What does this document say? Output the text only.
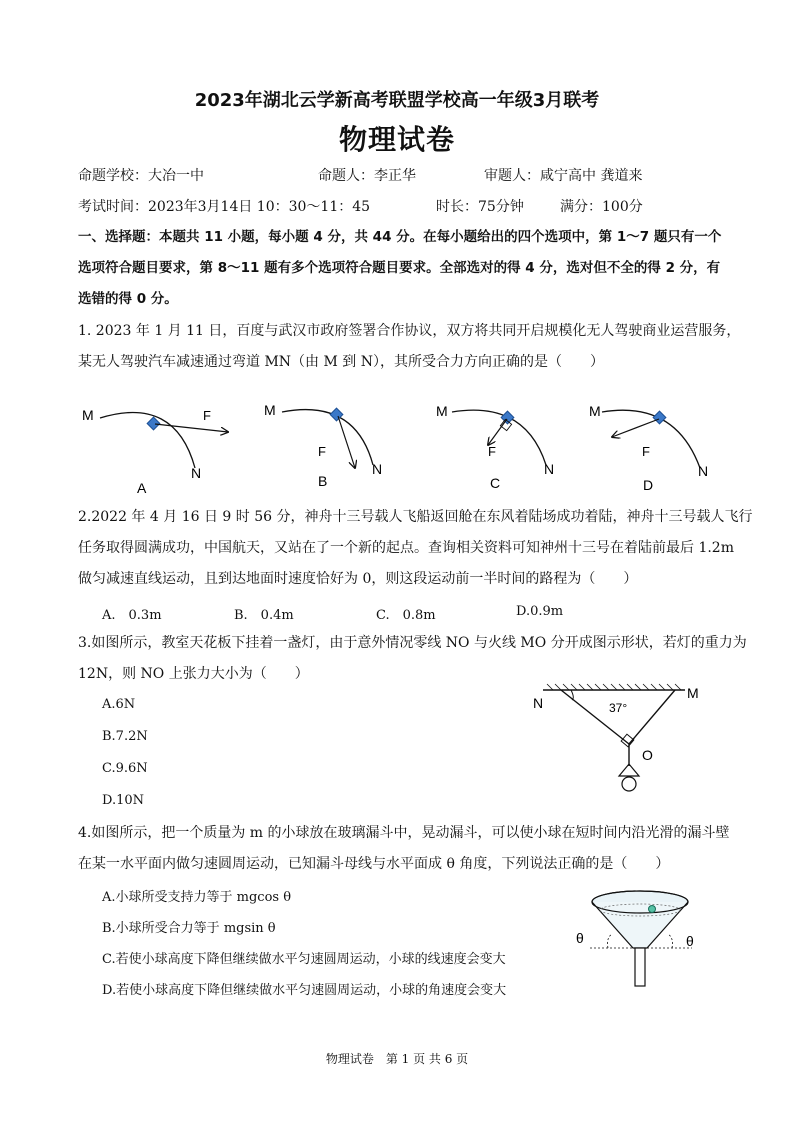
2023年湖北云学新高考联盟学校高一年级3月联考
物理试卷
命题学校：大冶一中	命题人：李正华	审题人：咸宁高中 龚道来
考试时间：2023年3月14日 10：30～11：45	时长：75分钟	满分：100分
一、选择题：本题共 11 小题，每小题 4 分，共 44 分。在每小题给出的四个选项中，第 1～7 题只有一个
选项符合题目要求，第 8～11 题有多个选项符合题目要求。全部选对的得 4 分，选对但不全的得 2 分，有
选错的得 0 分。
1. 2023 年 1 月 11 日，百度与武汉市政府签署合作协议，双方将共同开启规模化无人驾驶商业运营服务，
某无人驾驶汽车减速通过弯道 MN（由 M 到 N），其所受合力方向正确的是（　　）
M	F
N
A
M
F
N
B
M
F
N
C
M
F
N
D
2.2022 年 4 月 16 日 9 时 56 分，神舟十三号载人飞船返回舱在东风着陆场成功着陆，神舟十三号载人飞行
任务取得圆满成功，中国航天，又站在了一个新的起点。查询相关资料可知神州十三号在着陆前最后 1.2m
做匀减速直线运动，且到达地面时速度恰好为 0，则这段运动前一半时间的路程为（　　）
A.　0.3m	B.　0.4m	C.　0.8m	D.0.9m
3.如图所示，教室天花板下挂着一盏灯，由于意外情况零线 NO 与火线 MO 分开成图示形状，若灯的重力为
12N，则 NO 上张力大小为（　　）
A.6N
B.7.2N
C.9.6N
D.10N
N
M
O
37°
4.如图所示，把一个质量为 m 的小球放在玻璃漏斗中，晃动漏斗，可以使小球在短时间内沿光滑的漏斗壁
在某一水平面内做匀速圆周运动，已知漏斗母线与水平面成 θ 角度，下列说法正确的是（　　）
A.小球所受支持力等于 mgcos θ
B.小球所受合力等于 mgsin θ
C.若使小球高度下降但继续做水平匀速圆周运动，小球的线速度会变大
D.若使小球高度下降但继续做水平匀速圆周运动，小球的角速度会变大
θ	θ
物理试卷　第 1 页 共 6 页
